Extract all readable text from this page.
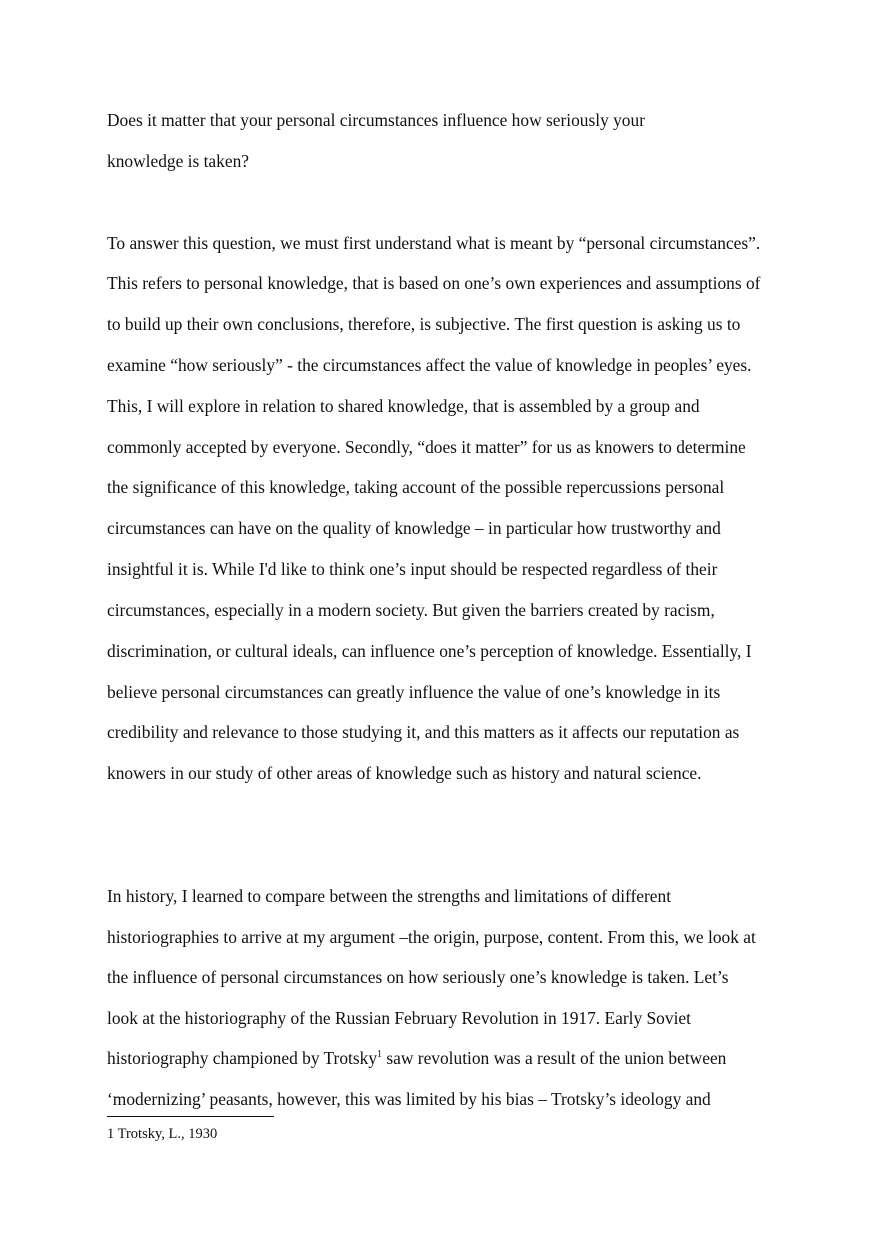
Does it matter that your personal circumstances influence how seriously your

knowledge is taken?

To answer this question, we must first understand what is meant by “personal circumstances”.

This refers to personal knowledge, that is based on one’s own experiences and assumptions of

to build up their own conclusions, therefore, is subjective. The first question is asking us to

examine “how seriously” - the circumstances affect the value of knowledge in peoples’ eyes.

This, I will explore in relation to shared knowledge, that is assembled by a group and

commonly accepted by everyone. Secondly, “does it matter” for us as knowers to determine

the significance of this knowledge, taking account of the possible repercussions personal

circumstances can have on the quality of knowledge – in particular how trustworthy and

insightful it is. While I'd like to think one’s input should be respected regardless of their

circumstances, especially in a modern society. But given the barriers created by racism,

discrimination, or cultural ideals, can influence one’s perception of knowledge. Essentially, I

believe personal circumstances can greatly influence the value of one’s knowledge in its

credibility and relevance to those studying it, and this matters as it affects our reputation as

knowers in our study of other areas of knowledge such as history and natural science.

In history, I learned to compare between the strengths and limitations of different

historiographies to arrive at my argument –the origin, purpose, content. From this, we look at

the influence of personal circumstances on how seriously one’s knowledge is taken. Let’s

look at the historiography of the Russian February Revolution in 1917. Early Soviet

historiography championed by Trotsky$^1$ saw revolution was a result of the union between

‘modernizing’ peasants, however, this was limited by his bias – Trotsky’s ideology and

1 Trotsky, L., 1930
